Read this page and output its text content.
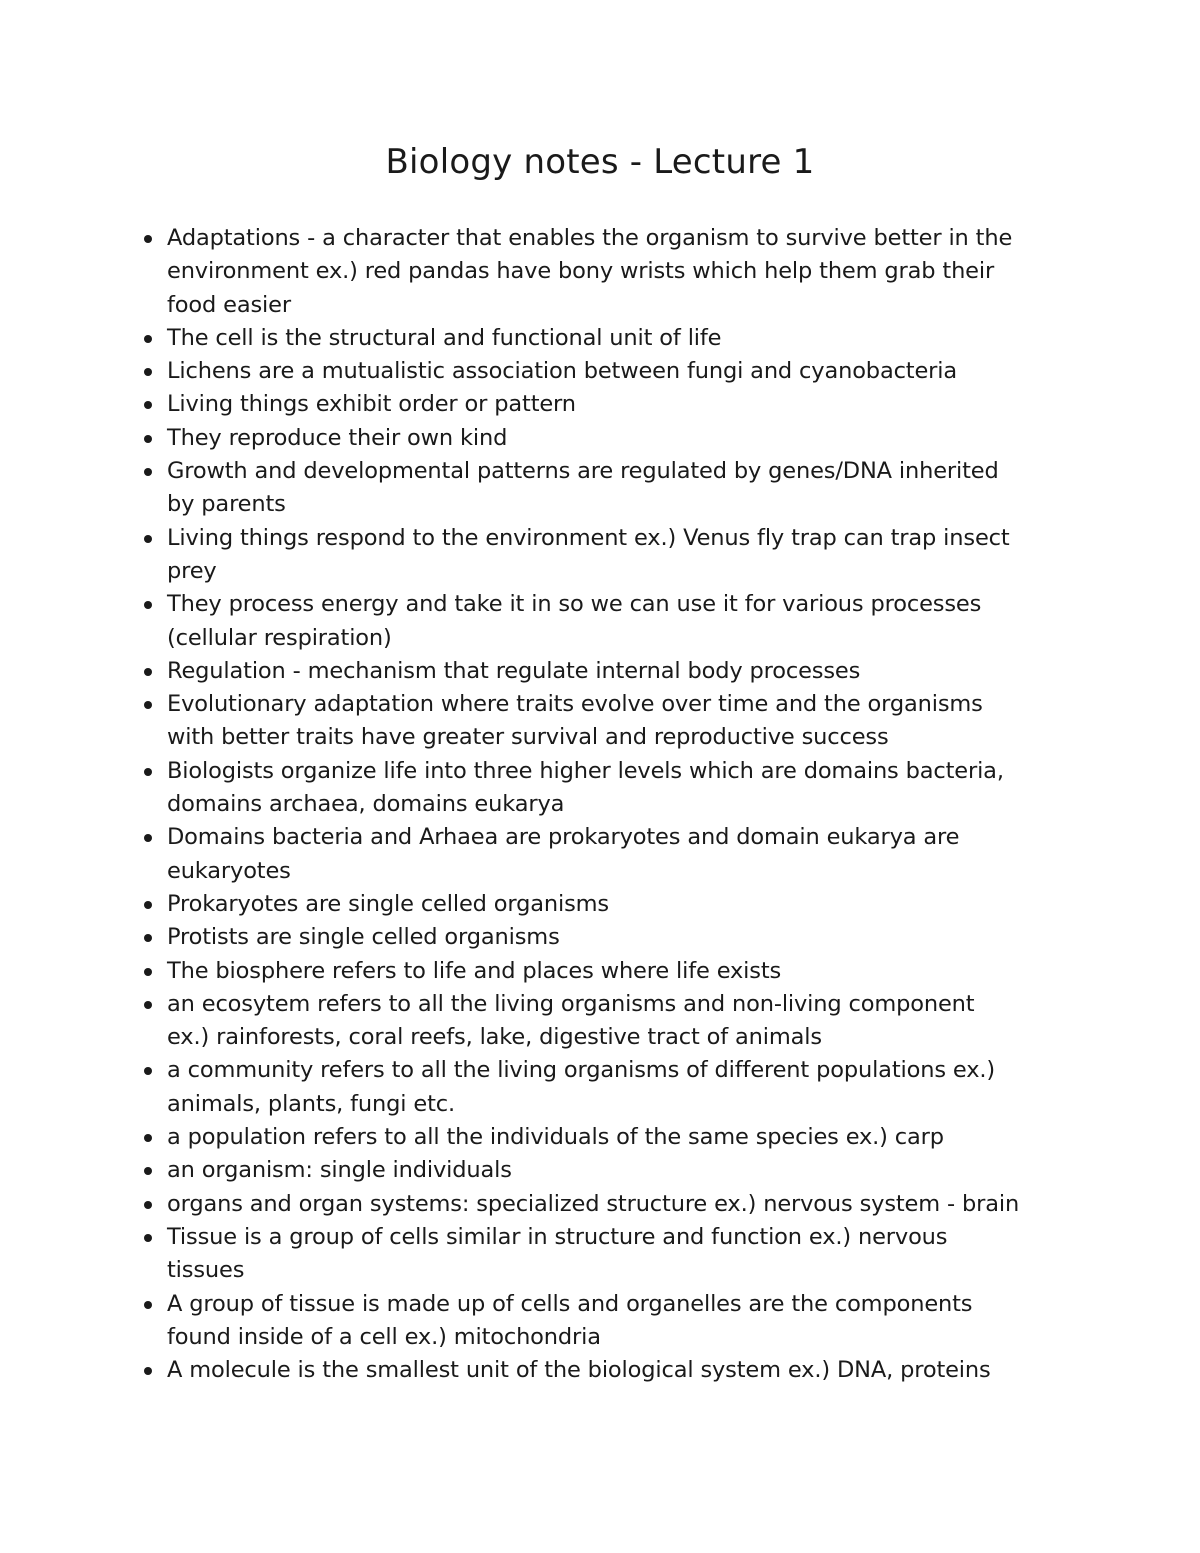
Biology notes - Lecture 1
Adaptations - a character that enables the organism to survive better in the
environment ex.) red pandas have bony wrists which help them grab their
food easier
The cell is the structural and functional unit of life
Lichens are a mutualistic association between fungi and cyanobacteria
Living things exhibit order or pattern
They reproduce their own kind
Growth and developmental patterns are regulated by genes/DNA inherited
by parents
Living things respond to the environment ex.) Venus fly trap can trap insect
prey
They process energy and take it in so we can use it for various processes
(cellular respiration)
Regulation - mechanism that regulate internal body processes
Evolutionary adaptation where traits evolve over time and the organisms
with better traits have greater survival and reproductive success
Biologists organize life into three higher levels which are domains bacteria,
domains archaea, domains eukarya
Domains bacteria and Arhaea are prokaryotes and domain eukarya are
eukaryotes
Prokaryotes are single celled organisms
Protists are single celled organisms
The biosphere refers to life and places where life exists
an ecosytem refers to all the living organisms and non-living component
ex.) rainforests, coral reefs, lake, digestive tract of animals
a community refers to all the living organisms of different populations ex.)
animals, plants, fungi etc.
a population refers to all the individuals of the same species ex.) carp
an organism: single individuals
organs and organ systems: specialized structure ex.) nervous system - brain
Tissue is a group of cells similar in structure and function ex.) nervous
tissues
A group of tissue is made up of cells and organelles are the components
found inside of a cell ex.) mitochondria
A molecule is the smallest unit of the biological system ex.) DNA, proteins
